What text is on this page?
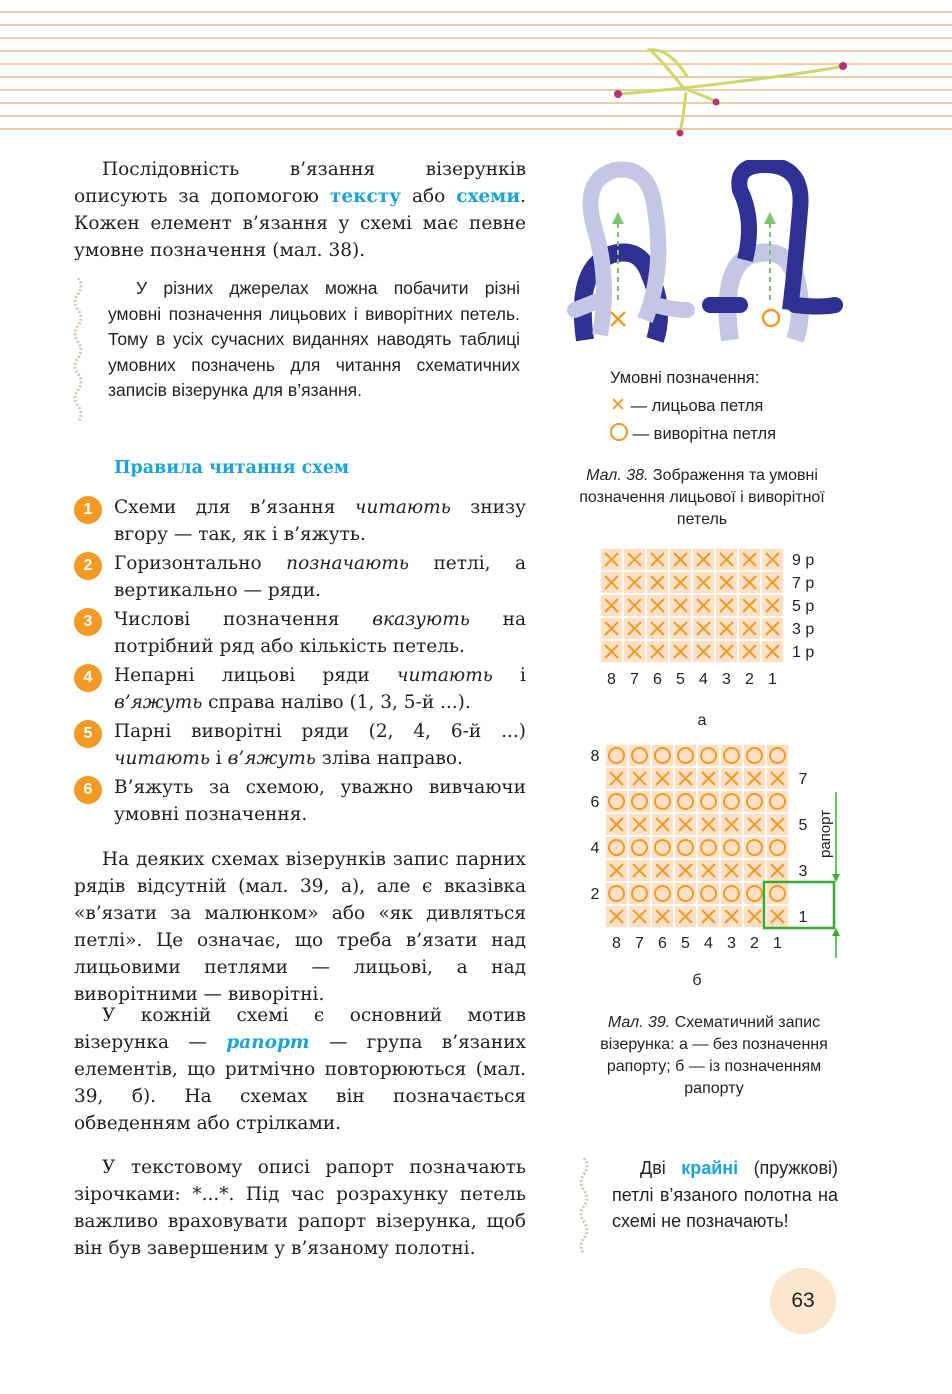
Послідовність в’язання візерунків описують за допомогою тексту або схеми. Кожен елемент в’язання у схемі має певне умовне позначення (мал. 38).

У різних джерелах можна побачити різні умовні позначення лицьових і виворітних петель. Тому в усіх сучасних виданнях наводять таблиці умовних позначень для читання схематичних записів візерунка для в’язання.
Правила читання схем
1	Схеми для в’язання читають знизу вгору — так, як і в’яжуть.
2	Горизонтально позначають петлі, а вертикально — ряди.
3	Числові позначення вказують на потрібний ряд або кількість петель.
4	Непарні лицьові ряди читають і в’яжуть справа наліво (1, 3, 5-й ...).
5	Парні виворітні ряди (2, 4, 6-й ...) читають і в’яжуть зліва направо.
6	В’яжуть за схемою, уважно вивчаючи умовні позначення.

На деяких схемах візерунків запис парних рядів відсутній (мал. 39, а), але є вказівка «в’язати за малюнком» або «як дивляться петлі». Це означає, що треба в’язати над лицьовими петлями — лицьові, а над виворітними — виворітні.

У кожній схемі є основний мотив візерунка — рапорт — група в’язаних елементів, що ритмічно повторюються (мал. 39, б). На схемах він позначається обведенням або стрілками.

У текстовому описі рапорт позначають зірочками: *...*. Під час розрахунку петель важливо враховувати рапорт візерунка, щоб він був завершеним у в’язаному полотні.

Умовні позначення:
✕ — лицьова петля
— виворітна петля
Мал. 38. Зображення та умовні позначення лицьової і виворітної петель
9 р
7 р
5 р
3 р
1 р
8 7 6 5 4 3 2 1
а
8
6
4
2
7
5
3
1
8 7 6 5 4 3 2 1
рапорт
б
Мал. 39. Схематичний запис візерунка: а — без позначення рапорту; б — із позначенням рапорту
Дві крайні (пружкові) петлі в’язаного полотна на схемі не позначають!
63
